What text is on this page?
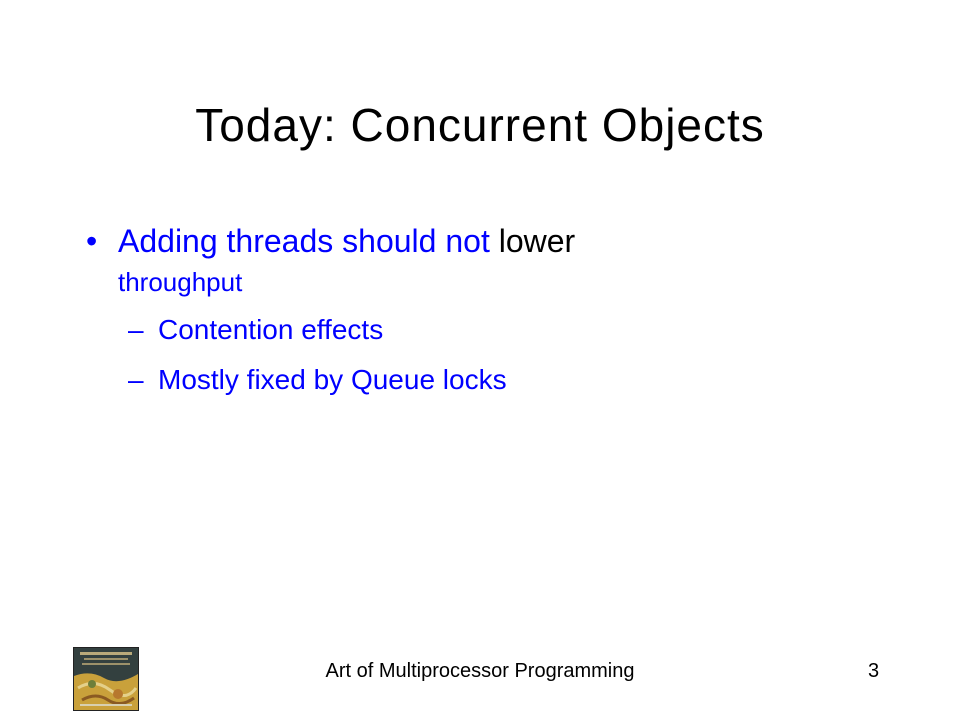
Today: Concurrent Objects
• Adding threads should not lower
throughput
– Contention effects
– Mostly fixed by Queue locks
Art of Multiprocessor Programming	3
